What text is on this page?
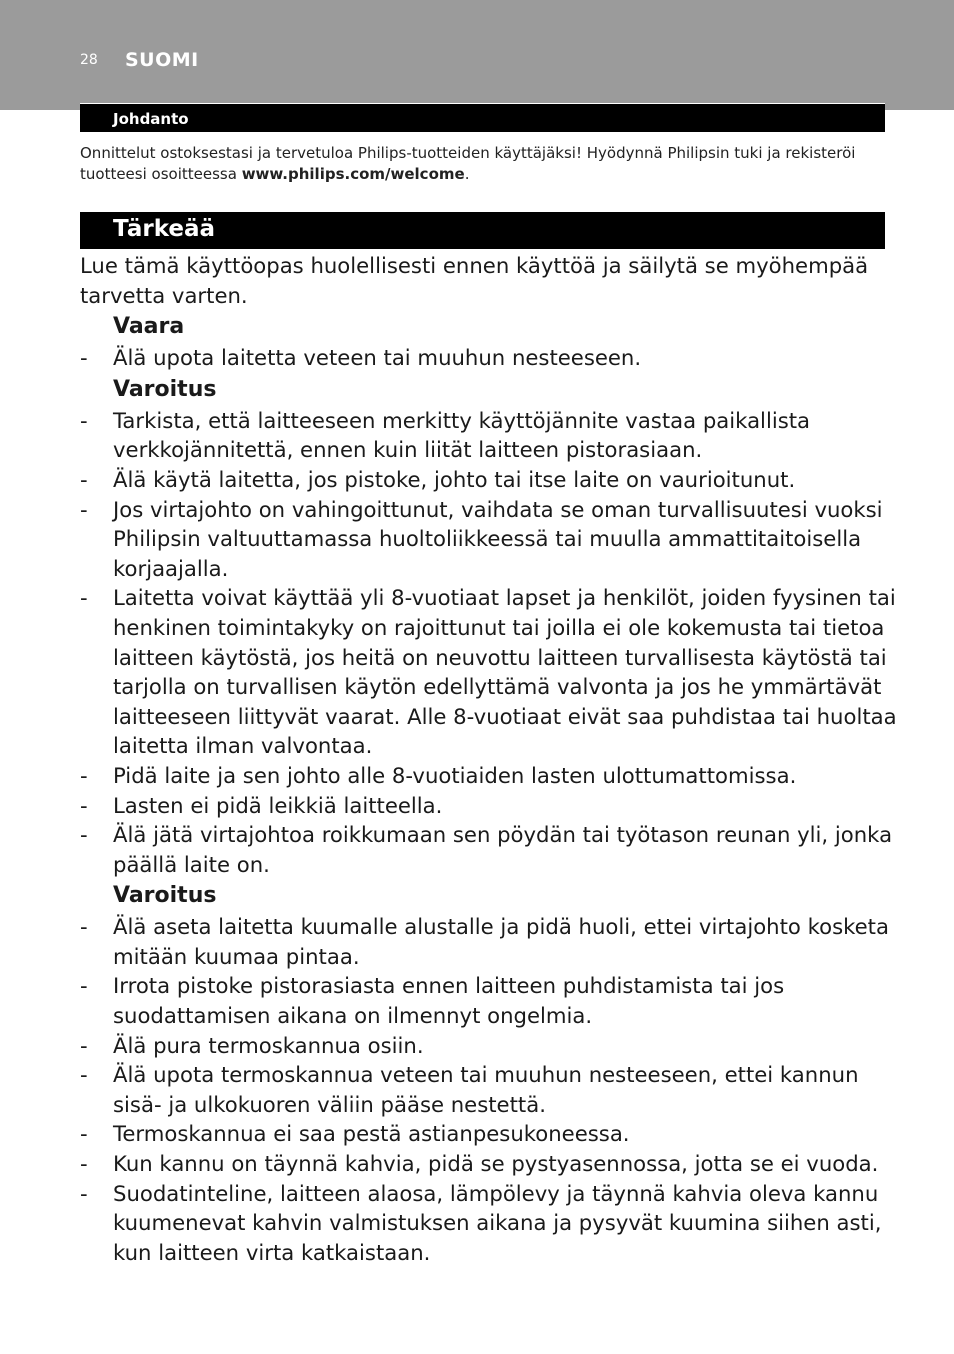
28 SUOMI
Johdanto

Onnittelut ostoksestasi ja tervetuloa Philips-tuotteiden käyttäjäksi! Hyödynnä Philipsin tuki ja rekisteröi tuotteesi osoitteessa www.philips.com/welcome.

Tärkeää

Lue tämä käyttöopas huolellisesti ennen käyttöä ja säilytä se myöhempää tarvetta varten.

Vaara

- Älä upota laitetta veteen tai muuhun nesteeseen.

Varoitus

- Tarkista, että laitteeseen merkitty käyttöjännite vastaa paikallista verkkojännitettä, ennen kuin liität laitteen pistorasiaan.
- Älä käytä laitetta, jos pistoke, johto tai itse laite on vaurioitunut.
- Jos virtajohto on vahingoittunut, vaihdata se oman turvallisuutesi vuoksi Philipsin valtuuttamassa huoltoliikkeessä tai muulla ammattitaitoisella korjaajalla.
- Laitetta voivat käyttää yli 8-vuotiaat lapset ja henkilöt, joiden fyysinen tai henkinen toimintakyky on rajoittunut tai joilla ei ole kokemusta tai tietoa laitteen käytöstä, jos heitä on neuvottu laitteen turvallisesta käytöstä tai tarjolla on turvallisen käytön edellyttämä valvonta ja jos he ymmärtävät laitteeseen liittyvät vaarat. Alle 8-vuotiaat eivät saa puhdistaa tai huoltaa laitetta ilman valvontaa.
- Pidä laite ja sen johto alle 8-vuotiaiden lasten ulottumattomissa.
- Lasten ei pidä leikkiä laitteella.
- Älä jätä virtajohtoa roikkumaan sen pöydän tai työtason reunan yli, jonka päällä laite on.

Varoitus

- Älä aseta laitetta kuumalle alustalle ja pidä huoli, ettei virtajohto kosketa mitään kuumaa pintaa.
- Irrota pistoke pistorasiasta ennen laitteen puhdistamista tai jos suodattamisen aikana on ilmennyt ongelmia.
- Älä pura termoskannua osiin.
- Älä upota termoskannua veteen tai muuhun nesteeseen, ettei kannun sisä- ja ulkokuoren väliin pääse nestettä.
- Termoskannua ei saa pestä astianpesukoneessa.
- Kun kannu on täynnä kahvia, pidä se pystyasennossa, jotta se ei vuoda.
- Suodatinteline, laitteen alaosa, lämpölevy ja täynnä kahvia oleva kannu kuumenevat kahvin valmistuksen aikana ja pysyvät kuumina siihen asti, kun laitteen virta katkaistaan.
